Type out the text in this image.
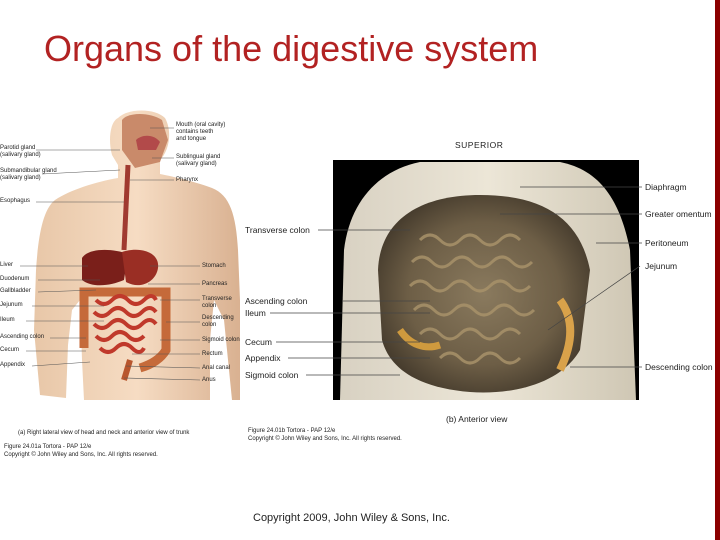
Organs of the digestive system
Parotid gland
(salivary gland)
Submandibular gland
(salivary gland)
Esophagus
Liver
Duodenum
Gallbladder
Jejunum
Ileum
Ascending colon
Cecum
Appendix
Mouth (oral cavity)
contains teeth
and tongue
Sublingual gland
(salivary gland)
Pharynx
Stomach
Pancreas
Transverse
colon
Descending
colon
Sigmoid colon
Rectum
Anal canal
Anus
(a) Right lateral view of head and neck and anterior view of trunk
Figure 24.01a Tortora - PAP 12/e
Copyright © John Wiley and Sons, Inc. All rights reserved.
SUPERIOR
Transverse colon
Ascending colon
Ileum
Cecum
Appendix
Sigmoid colon
Diaphragm
Greater omentum
Peritoneum
Jejunum
Descending colon
Figure 24.01b Tortora - PAP 12/e
Copyright © John Wiley and Sons, Inc. All rights reserved.
(b) Anterior view
Copyright 2009, John Wiley & Sons, Inc.
